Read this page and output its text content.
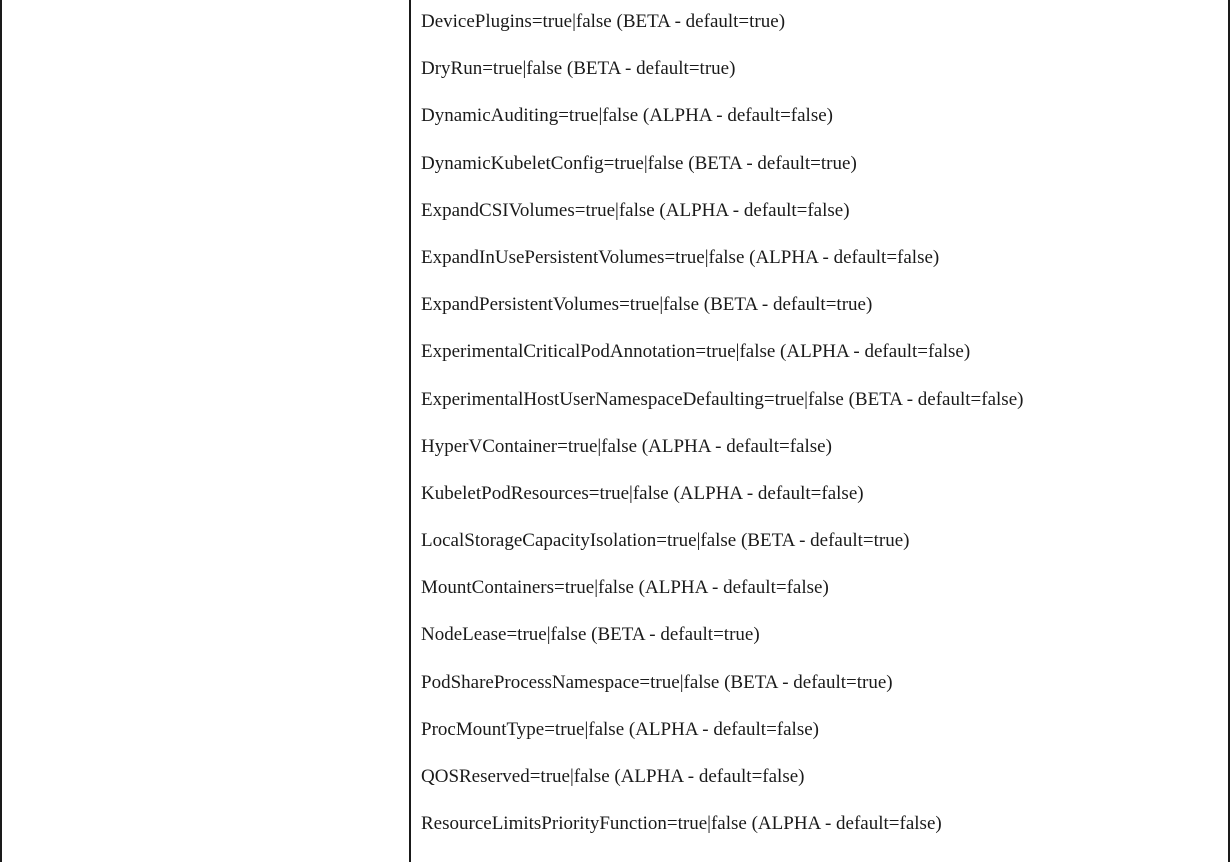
DevicePlugins=true|false (BETA - default=true)
DryRun=true|false (BETA - default=true)
DynamicAuditing=true|false (ALPHA - default=false)
DynamicKubeletConfig=true|false (BETA - default=true)
ExpandCSIVolumes=true|false (ALPHA - default=false)
ExpandInUsePersistentVolumes=true|false (ALPHA - default=false)
ExpandPersistentVolumes=true|false (BETA - default=true)
ExperimentalCriticalPodAnnotation=true|false (ALPHA - default=false)
ExperimentalHostUserNamespaceDefaulting=true|false (BETA - default=false)
HyperVContainer=true|false (ALPHA - default=false)
KubeletPodResources=true|false (ALPHA - default=false)
LocalStorageCapacityIsolation=true|false (BETA - default=true)
MountContainers=true|false (ALPHA - default=false)
NodeLease=true|false (BETA - default=true)
PodShareProcessNamespace=true|false (BETA - default=true)
ProcMountType=true|false (ALPHA - default=false)
QOSReserved=true|false (ALPHA - default=false)
ResourceLimitsPriorityFunction=true|false (ALPHA - default=false)
